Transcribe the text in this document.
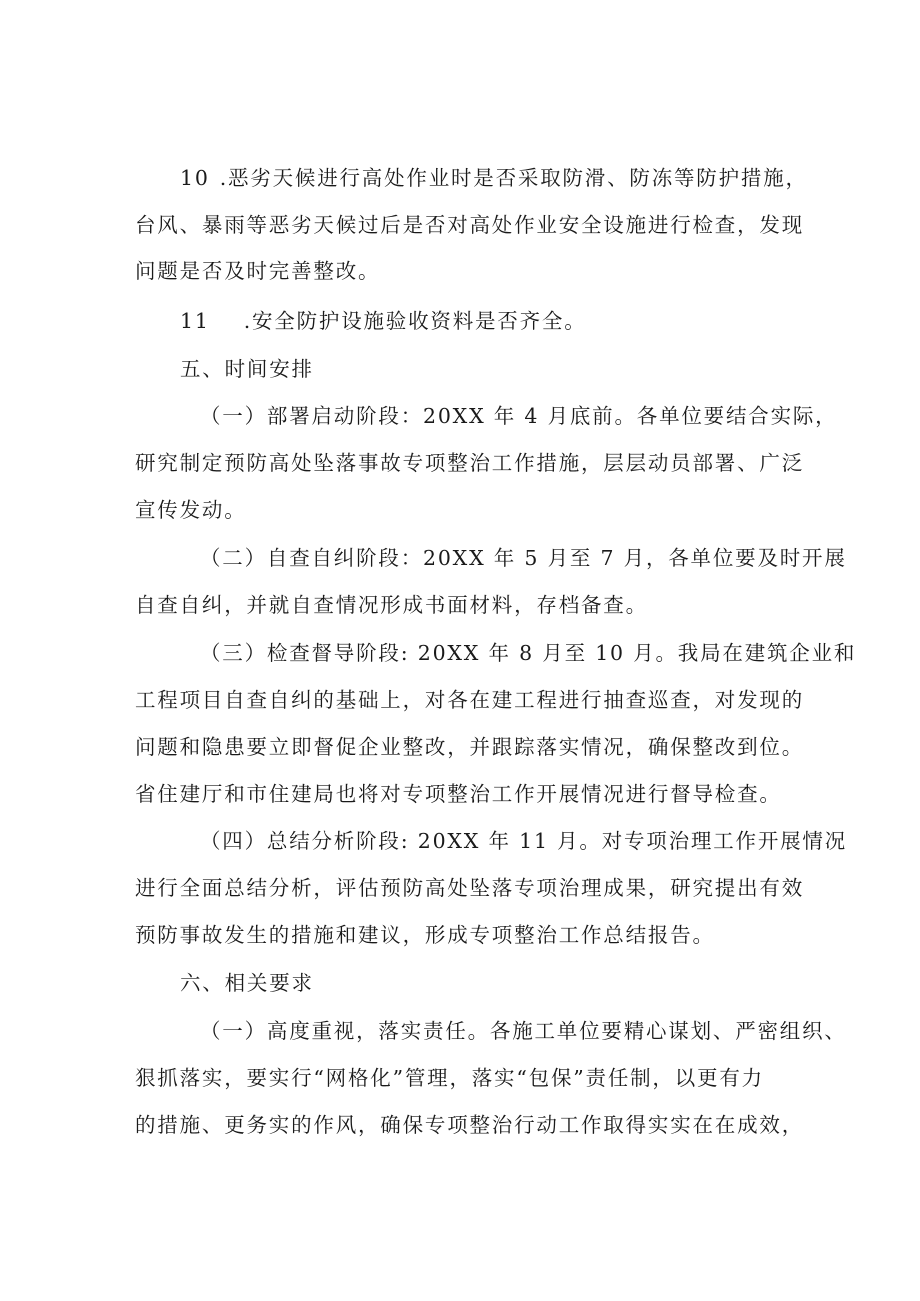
10 .恶劣天候进行高处作业时是否采取防滑、防冻等防护措施，
台风、暴雨等恶劣天候过后是否对高处作业安全设施进行检查，发现
问题是否及时完善整改。
11 .安全防护设施验收资料是否齐全。
五、时间安排
（一）部署启动阶段：20XX 年 4 月底前。各单位要结合实际，
研究制定预防高处坠落事故专项整治工作措施，层层动员部署、广泛
宣传发动。
（二）自查自纠阶段：20XX 年 5 月至 7 月，各单位要及时开展
自查自纠，并就自查情况形成书面材料，存档备查。
（三）检查督导阶段: 20XX 年 8 月至 10 月。我局在建筑企业和
工程项目自查自纠的基础上，对各在建工程进行抽查巡查，对发现的
问题和隐患要立即督促企业整改，并跟踪落实情况，确保整改到位。
省住建厅和市住建局也将对专项整治工作开展情况进行督导检查。
（四）总结分析阶段: 20XX 年 11 月。对专项治理工作开展情况
进行全面总结分析，评估预防高处坠落专项治理成果，研究提出有效
预防事故发生的措施和建议，形成专项整治工作总结报告。
六、相关要求
（一）高度重视，落实责任。各施工单位要精心谋划、严密组织、
狠抓落实，要实行“网格化”管理，落实“包保”责任制，以更有力
的措施、更务实的作风，确保专项整治行动工作取得实实在在成效，
